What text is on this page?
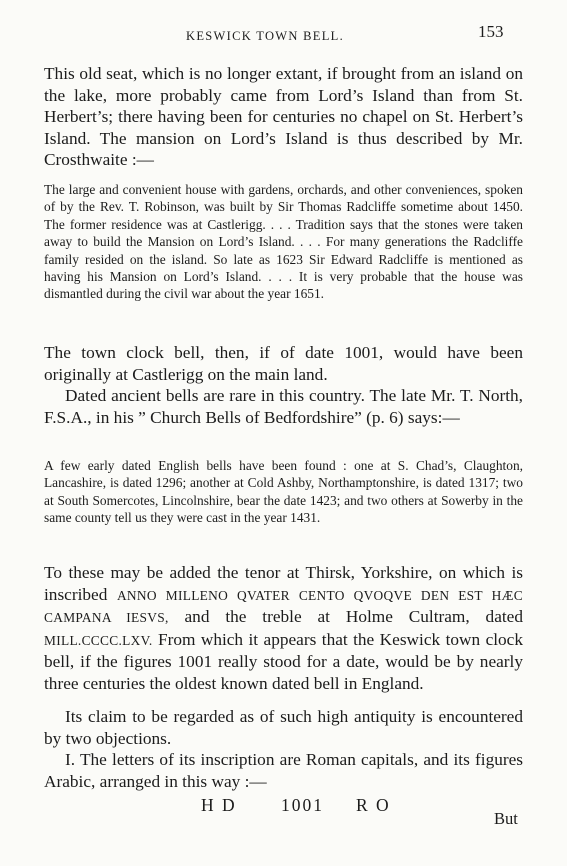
KESWICK TOWN BELL.	153

This old seat, which is no longer extant, if brought from an island on the lake, more probably came from Lord’s Island than from St. Herbert’s; there having been for centuries no chapel on St. Herbert’s Island. The mansion on Lord’s Island is thus described by Mr. Crosthwaite :—

The large and convenient house with gardens, orchards, and other conveniences, spoken of by the Rev. T. Robinson, was built by Sir Thomas Radcliffe sometime about 1450. The former residence was at Castlerigg. . . . Tradition says that the stones were taken away to build the Mansion on Lord’s Island. . . . For many generations the Radcliffe family resided on the island. So late as 1623 Sir Edward Radcliffe is mentioned as having his Mansion on Lord’s Island. . . . It is very probable that the house was dismantled during the civil war about the year 1651.

The town clock bell, then, if of date 1001, would have been originally at Castlerigg on the main land.

Dated ancient bells are rare in this country. The late Mr. T. North, F.S.A., in his ” Church Bells of Bedfordshire” (p. 6) says:—

A few early dated English bells have been found : one at S. Chad’s, Claughton, Lancashire, is dated 1296; another at Cold Ashby, Northamptonshire, is dated 1317; two at South Somercotes, Lincolnshire, bear the date 1423; and two others at Sowerby in the same county tell us they were cast in the year 1431.

To these may be added the tenor at Thirsk, Yorkshire, on which is inscribed ANNO MILLENO QVATER CENTO QVOQVE DEN EST HÆC CAMPANA IESVS, and the treble at Holme Cultram, dated MILL.CCCC.LXV. From which it appears that the Keswick town clock bell, if the figures 1001 really stood for a date, would be by nearly three centuries the oldest known dated bell in England.

Its claim to be regarded as of such high antiquity is encountered by two objections.

I. The letters of its inscription are Roman capitals, and its figures Arabic, arranged in this way :—

H D	1001 R O
But
